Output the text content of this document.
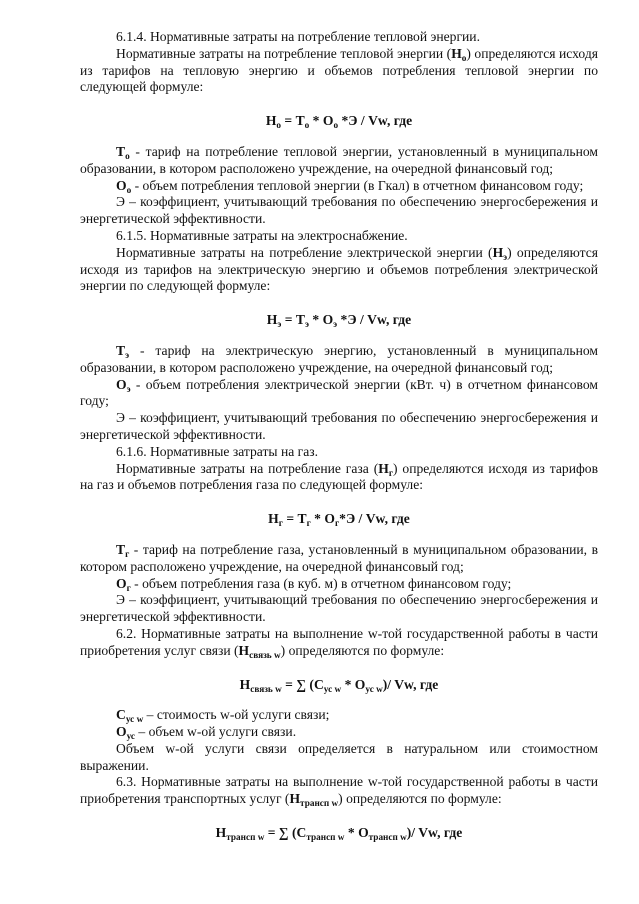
6.1.4. Нормативные затраты на потребление тепловой энергии.

Нормативные затраты на потребление тепловой энергии $(Н_о)$ определяются исходя из тарифов на тепловую энергию и объемов потребления тепловой энергии по следующей формуле:

$Н_о = Т_о * О_о$ *Э / Vw, где

$Т_о$ - тариф на потребление тепловой энергии, установленный в муниципальном образовании, в котором расположено учреждение, на очередной финансовый год;

$О_о$ - объем потребления тепловой энергии (в Гкал) в отчетном финансовом году;

Э – коэффициент, учитывающий требования по обеспечению энергосбережения и энергетической эффективности.

6.1.5. Нормативные затраты на электроснабжение.

Нормативные затраты на потребление электрической энергии $(Н_э)$ определяются исходя из тарифов на электрическую энергию и объемов потребления электрической энергии по следующей формуле:

$Н_э = Т_э * О_э$ *Э / Vw, где

$Т_э$ - тариф на электрическую энергию, установленный в муниципальном образовании, в котором расположено учреждение, на очередной финансовый год;

$О_э$ - объем потребления электрической энергии (кВт. ч) в отчетном финансовом году;

Э – коэффициент, учитывающий требования по обеспечению энергосбережения и энергетической эффективности.

6.1.6. Нормативные затраты на газ.

Нормативные затраты на потребление газа $(Н_г)$ определяются исходя из тарифов на газ и объемов потребления газа по следующей формуле:

$Н_г = Т_г * О_г*Э / Vw$, где

$Т_г$ - тариф на потребление газа, установленный в муниципальном образовании, в котором расположено учреждение, на очередной финансовый год;

$О_г$ - объем потребления газа (в куб. м) в отчетном финансовом году;

Э – коэффициент, учитывающий требования по обеспечению энергосбережения и энергетической эффективности.

6.2. Нормативные затраты на выполнение w-той государственной работы в части приобретения услуг связи $(Н_{связь w})$ определяются по формуле:

$Н_{связь w}$ = ∑ $(С_{ус w} * О_{ус w})/$ Vw, где

$С_{ус w}$ – стоимость w-ой услуги связи;

$О_{ус}$ – объем w-ой услуги связи.

Объем w-ой услуги связи определяется в натуральном или стоимостном выражении.

6.3. Нормативные затраты на выполнение w-той государственной работы в части приобретения транспортных услуг $(Н_{трансп w})$ определяются по формуле:

$Н_{трансп w}$ = ∑ $(С_{трансп w} * О_{трансп w})/$ Vw, где
